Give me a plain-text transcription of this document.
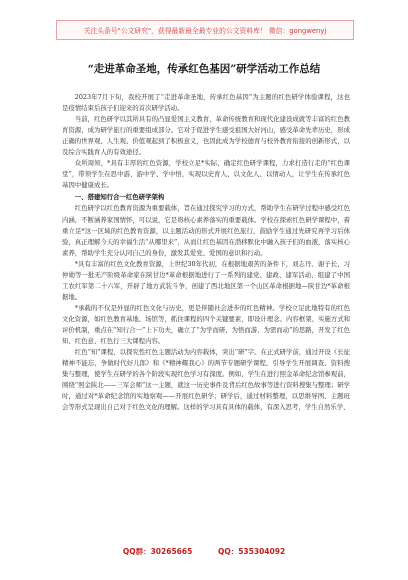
关注头条号"公文研究"，获得最新最全最专业的公文资料库！ 微信：gongwenyj
“走进革命圣地，传承红色基因”研学活动工作总结

2023年7月下旬，我校开展了“走进革命圣地，传承红色基因”为主题的红色研学体验课程，这也是疫情结束后孩子们迎来的首次研学活动。

当前，红色研学以其所具有的凸显爱国主义教育、革命传统教育和现代化建设成就等丰富的红色教育资源，成为研学旅行的重要组成部分。它对于促进学生感受祖国大好河山，感受革命先辈历史，形成正确的世界观、人生观、价值观起到了积极意义，也因此成为学校德育与校外教育衔接的创新形式，以及综合实践育人的有效途径。

众所周知，*具有丰厚的红色资源，学校立足*实际，确定红色研学课程，力求打造行走的“红色课堂”，带领学生在思中游、游中学、学中悟，实现以史育人、以文化人、以情动人，让学生在传承红色基因中健康成长。

一、搭建知行合一红色研学架构

红色研学以红色教育资源为重要载体，旨在通过探究学习的方式，帮助学生在研学过程中感受红色内涵，不断涵养家国情怀，可以说，它是将核心素养落实的重要载体。学校在探索红色研学课程中，着重立足*这一区域的红色教育资源，以主题活动的形式开展红色旅行，鼓励学生通过先研究再学习后体验，真正理解今天的幸福生活“从哪里来”，从而让红色基因在潜移默化中融入孩子们的血液，落实核心素养，帮助学生充分认同自己的身份，激发其爱党、爱国的意识和行动。

*具有丰富的红色文化教育资源，上世纪30年代初，在根据地艰苦的条件下，刘志丹、谢子长、习仲勋等一批无产阶级革命家在陕甘边*革命根据地进行了一系列的建党、建政、建军活动，组建了中国工农红军第二十六军，开辟了地方武装斗争，创建了西北地区第一个山区革命根据地—陕甘边*革命根据地。

*承载的不仅是外显的红色文化与历史，更是伴随社会进步的红色精神。学校立足此地特有的红色文化资源，如红色教育基地、场馆等，抓住课程的四个关键要素，即设计理念、内容框架、实施方式和评价机制，重点在“知行合一”上下功夫，确立了“为学而研、为悟而游、为需而动”的思路，开发了红色知、红色意、红色行三大课程内容。

红色“知”课程，以探究性红色主题活动为内容载体，突出“研”字。在正式研学前，通过开设《长征精神不能忘，争做时代好儿郎》和《*精神耀我心》的两节专题研学课程，引导学生开展调查、资料搜集与整理，使学生在研学的各个阶段实现红色学习有深度。例如，学生在进行照金革命纪念馆参观前，围绕“照金陕北——三军会师”这一主题，就这一历史事件及背后红色故事等进行资料搜集与整理；研学时，通过对*革命纪念馆的实地察观——开展红色研学；研学后，通过材料整理，以思维导图、主题班会等形式呈现出自己对于红色文化的理解。这样的学习具有具体的载体，有深入思考，学生自然乐学、

QQ群：30265665	QQ：535304092
